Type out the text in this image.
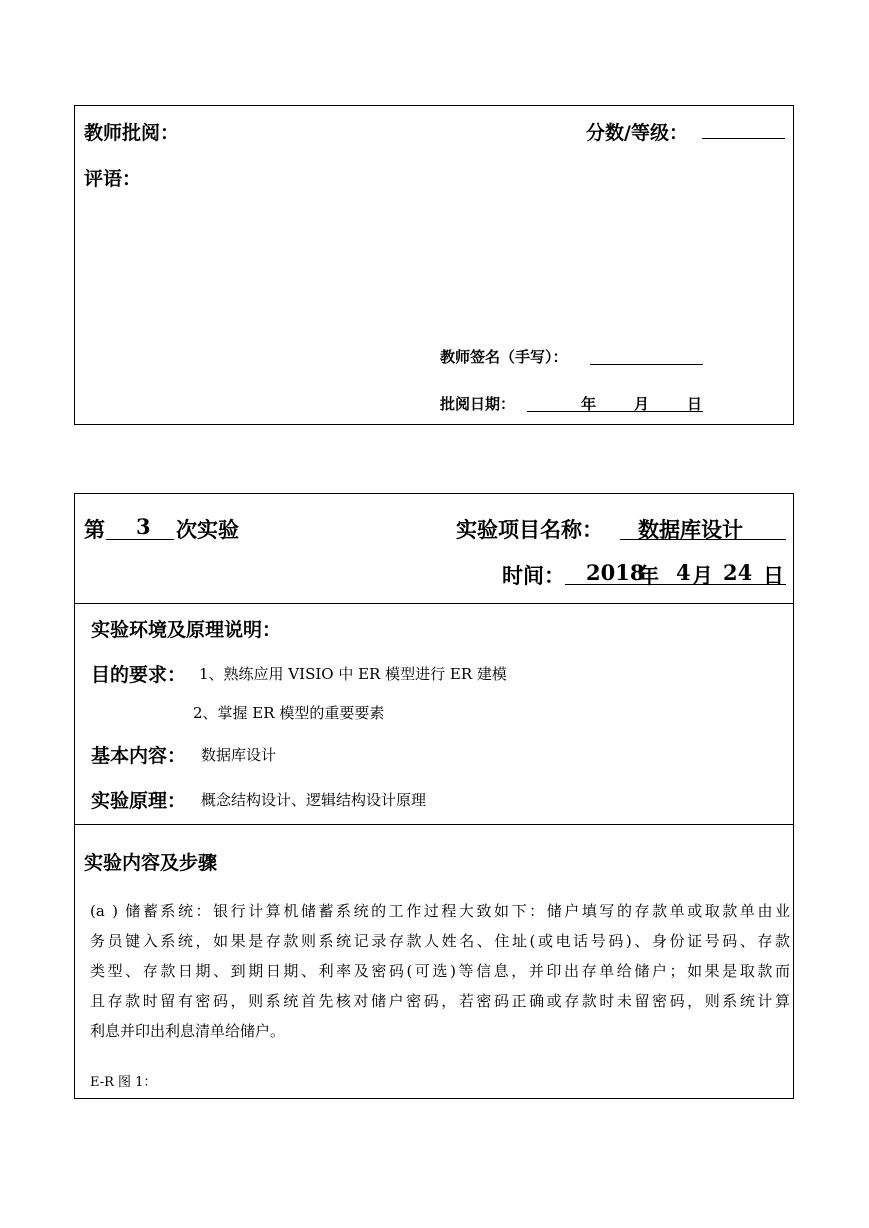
教师批阅：	分数/等级：
评语：
教师签名（手写）：
批阅日期：	年	月	日
第 3 次实验	实验项目名称： 数据库设计
时间： 2018
年 4 月 24 日
实验环境及原理说明：
目的要求： 1、熟练应用 VISIO 中 ER 模型进行 ER 建模
2、掌握 ER 模型的重要要素
基本内容： 数据库设计
实验原理： 概念结构设计、逻辑结构设计原理
实验内容及步骤
(a ) 储蓄系统：银行计算机储蓄系统的工作过程大致如下：储户填写的存款单或取款单由业
务员键入系统，如果是存款则系统记录存款人姓名、住址(或电话号码)、身份证号码、存款
类型、存款日期、到期日期、利率及密码(可选)等信息，并印出存单给储户；如果是取款而
且存款时留有密码，则系统首先核对储户密码，若密码正确或存款时未留密码，则系统计算
利息并印出利息清单给储户。
E-R 图 1：
